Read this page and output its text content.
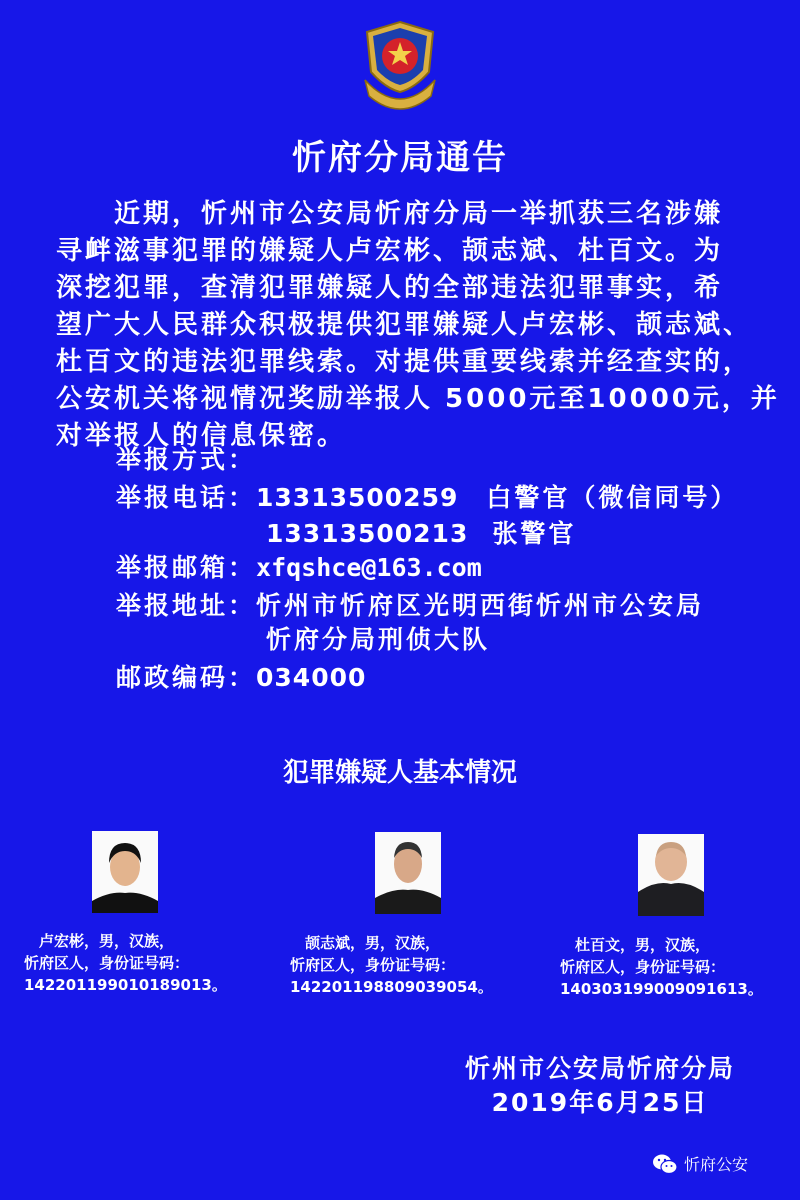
忻府分局通告
　　近期，忻州市公安局忻府分局一举抓获三名涉嫌
寻衅滋事犯罪的嫌疑人卢宏彬、颉志斌、杜百文。为
深挖犯罪，查清犯罪嫌疑人的全部违法犯罪事实，希
望广大人民群众积极提供犯罪嫌疑人卢宏彬、颉志斌、
杜百文的违法犯罪线索。对提供重要线索并经查实的，
公安机关将视情况奖励举报人 5000元至10000元，并
对举报人的信息保密。
举报方式：
举报电话：13313500259 白警官（微信同号）
13313500213 张警官
举报邮箱：xfqshce@163.com
举报地址：忻州市忻府区光明西街忻州市公安局
忻府分局刑侦大队
邮政编码：034000
犯罪嫌疑人基本情况
　卢宏彬，男，汉族，
忻府区人，身份证号码：
142201199010189013。
　颉志斌，男，汉族，
忻府区人，身份证号码：
142201198809039054。
　杜百文，男，汉族，
忻府区人，身份证号码：
140303199009091613。
忻州市公安局忻府分局
2019年6月25日
忻府公安
